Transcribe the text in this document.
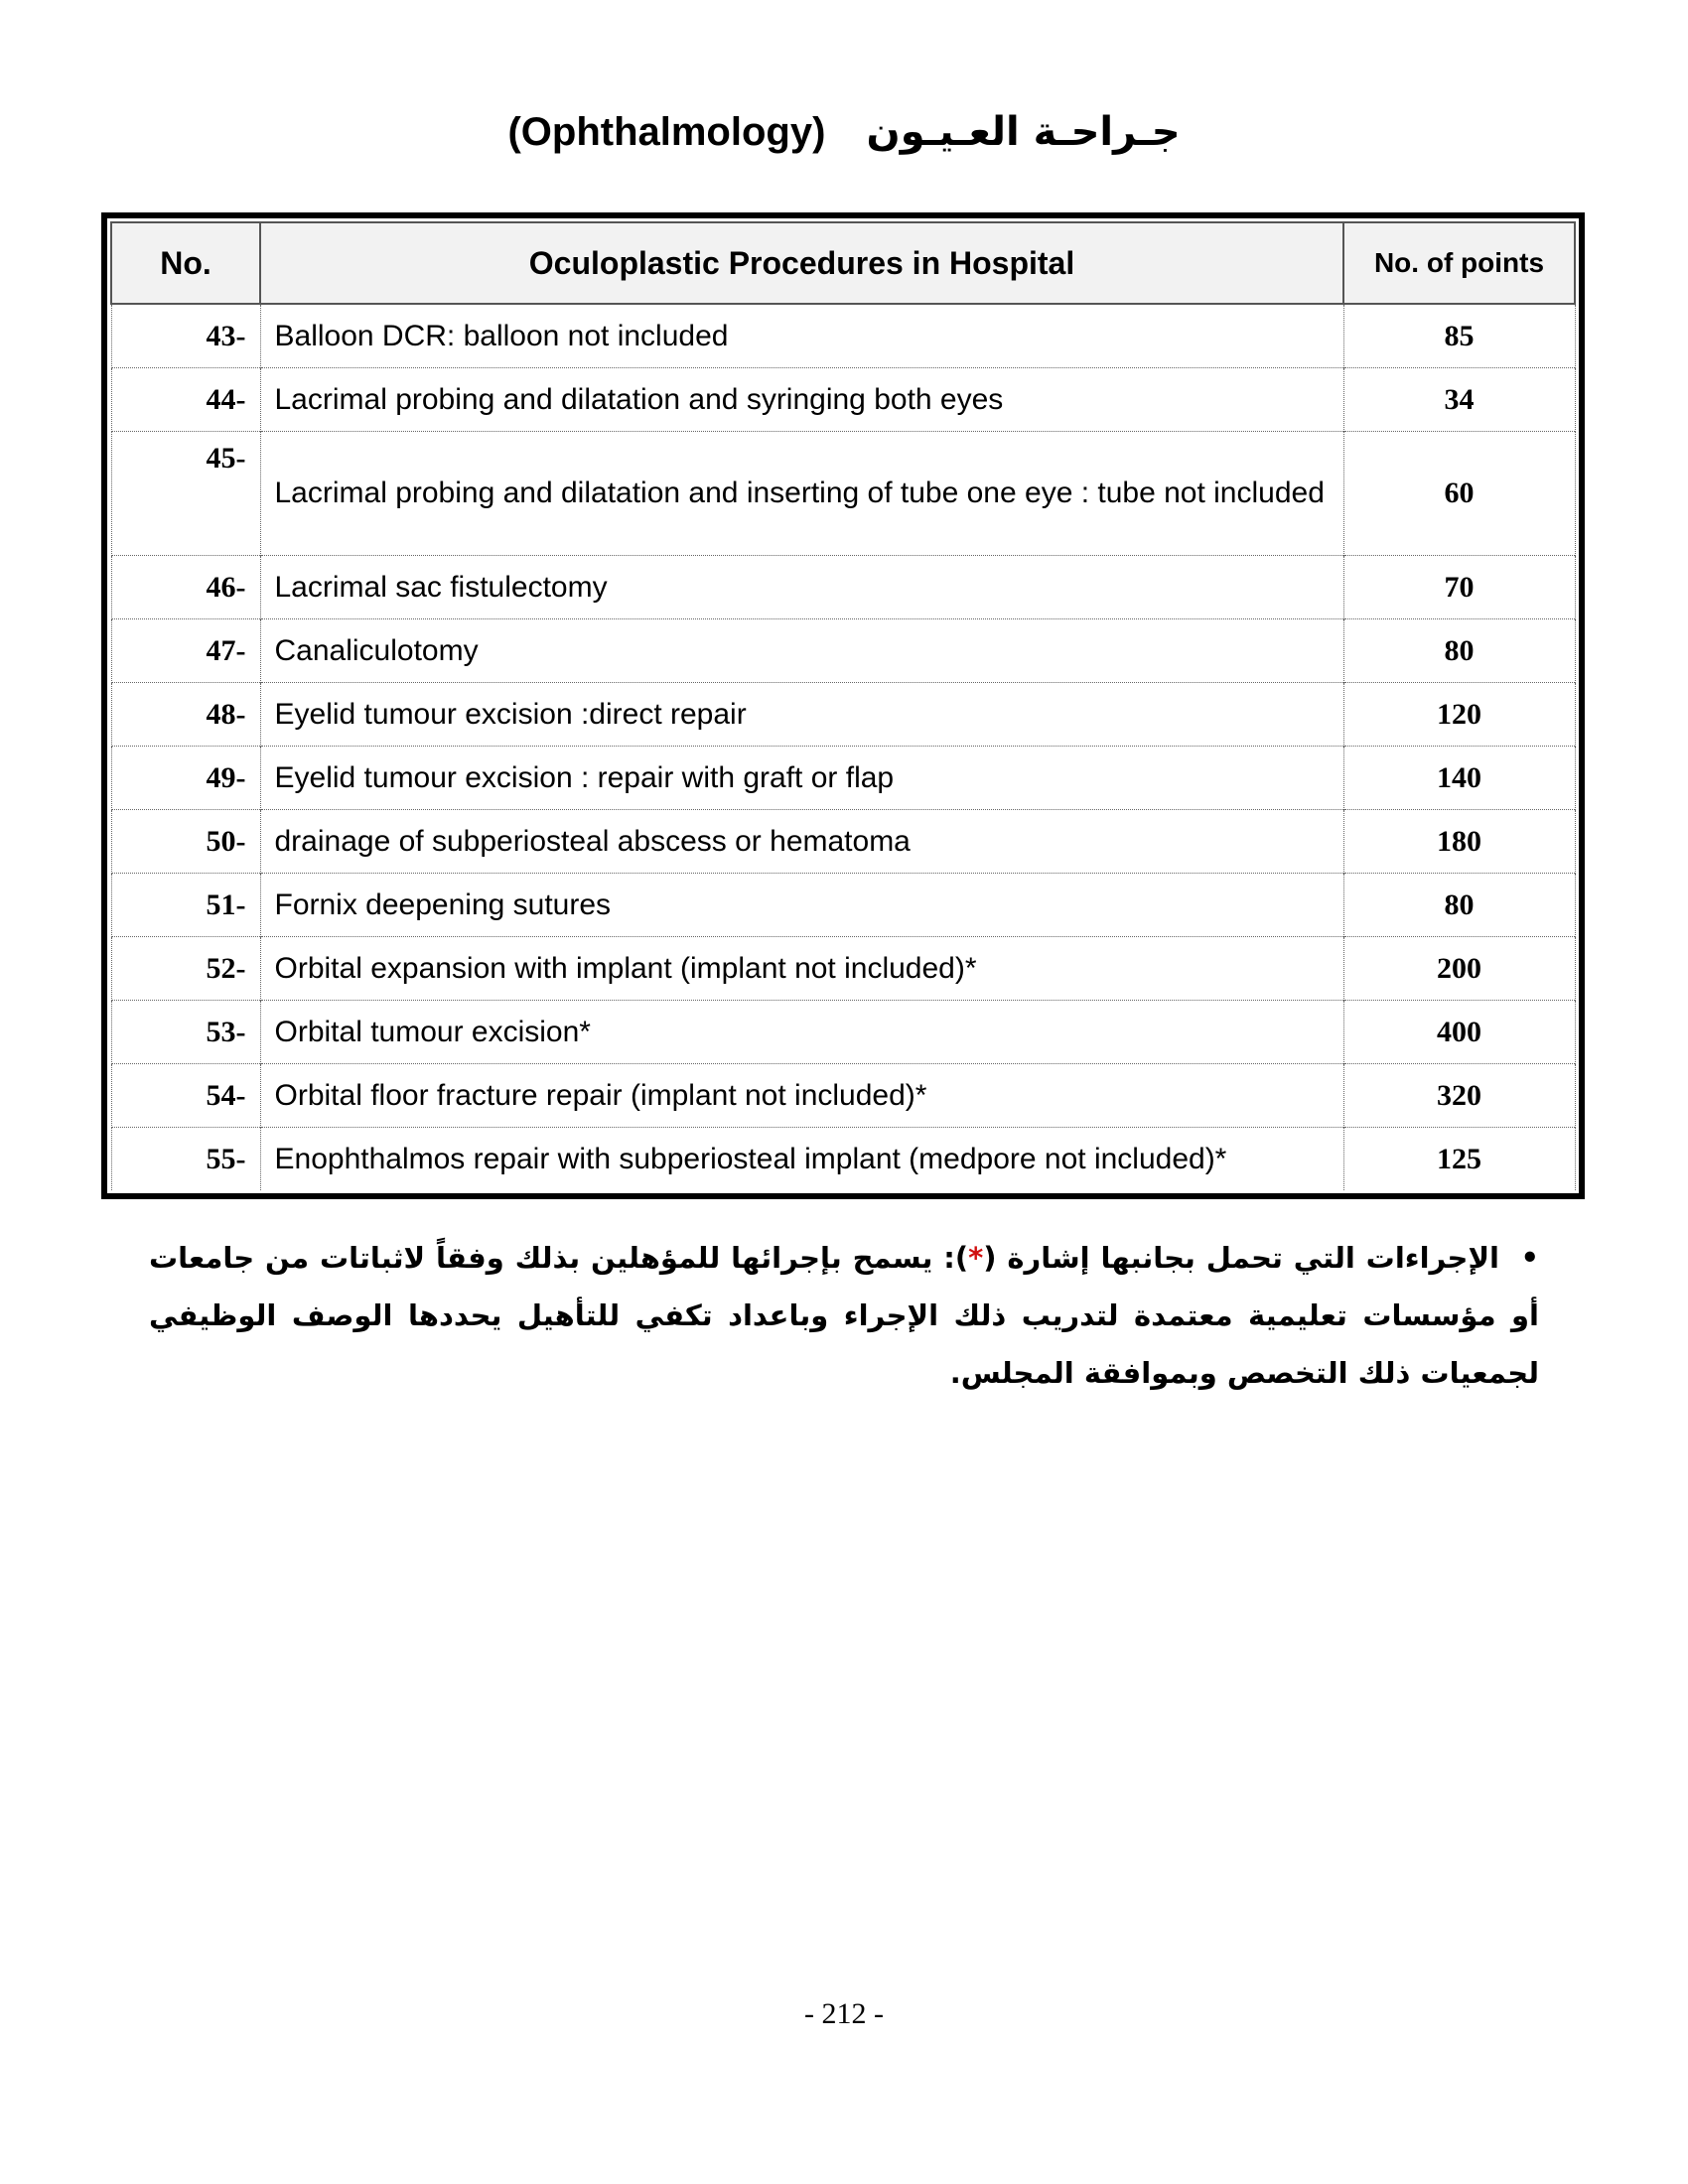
(Ophthalmology) جـراحـة العـيـون
No.	Oculoplastic Procedures in Hospital	No. of points
43-	Balloon DCR: balloon not included	85
44-	Lacrimal probing and dilatation and syringing both eyes	34
45-	Lacrimal probing and dilatation and inserting of tube one eye : tube not included	60
46-	Lacrimal sac fistulectomy	70
47-	Canaliculotomy	80
48-	Eyelid tumour excision :direct repair	120
49-	Eyelid tumour excision : repair with graft or flap	140
50-	drainage of subperiosteal abscess or hematoma	180
51-	Fornix deepening sutures	80
52-	Orbital expansion with implant (implant not included)*	200
53-	Orbital tumour excision*	400
54-	Orbital floor fracture repair (implant not included)*	320
55-	Enophthalmos repair with subperiosteal implant (medpore not included)*	125
•الإجراءات التي تحمل بجانبها إشارة (*): يسمح بإجرائها للمؤهلين بذلك وفقاً لاثباتات من جامعات أو مؤسسات تعليمية معتمدة لتدريب ذلك الإجراء وباعداد تكفي للتأهيل يحددها الوصف الوظيفي لجمعيات ذلك التخصص وبموافقة المجلس.
- 212 -
